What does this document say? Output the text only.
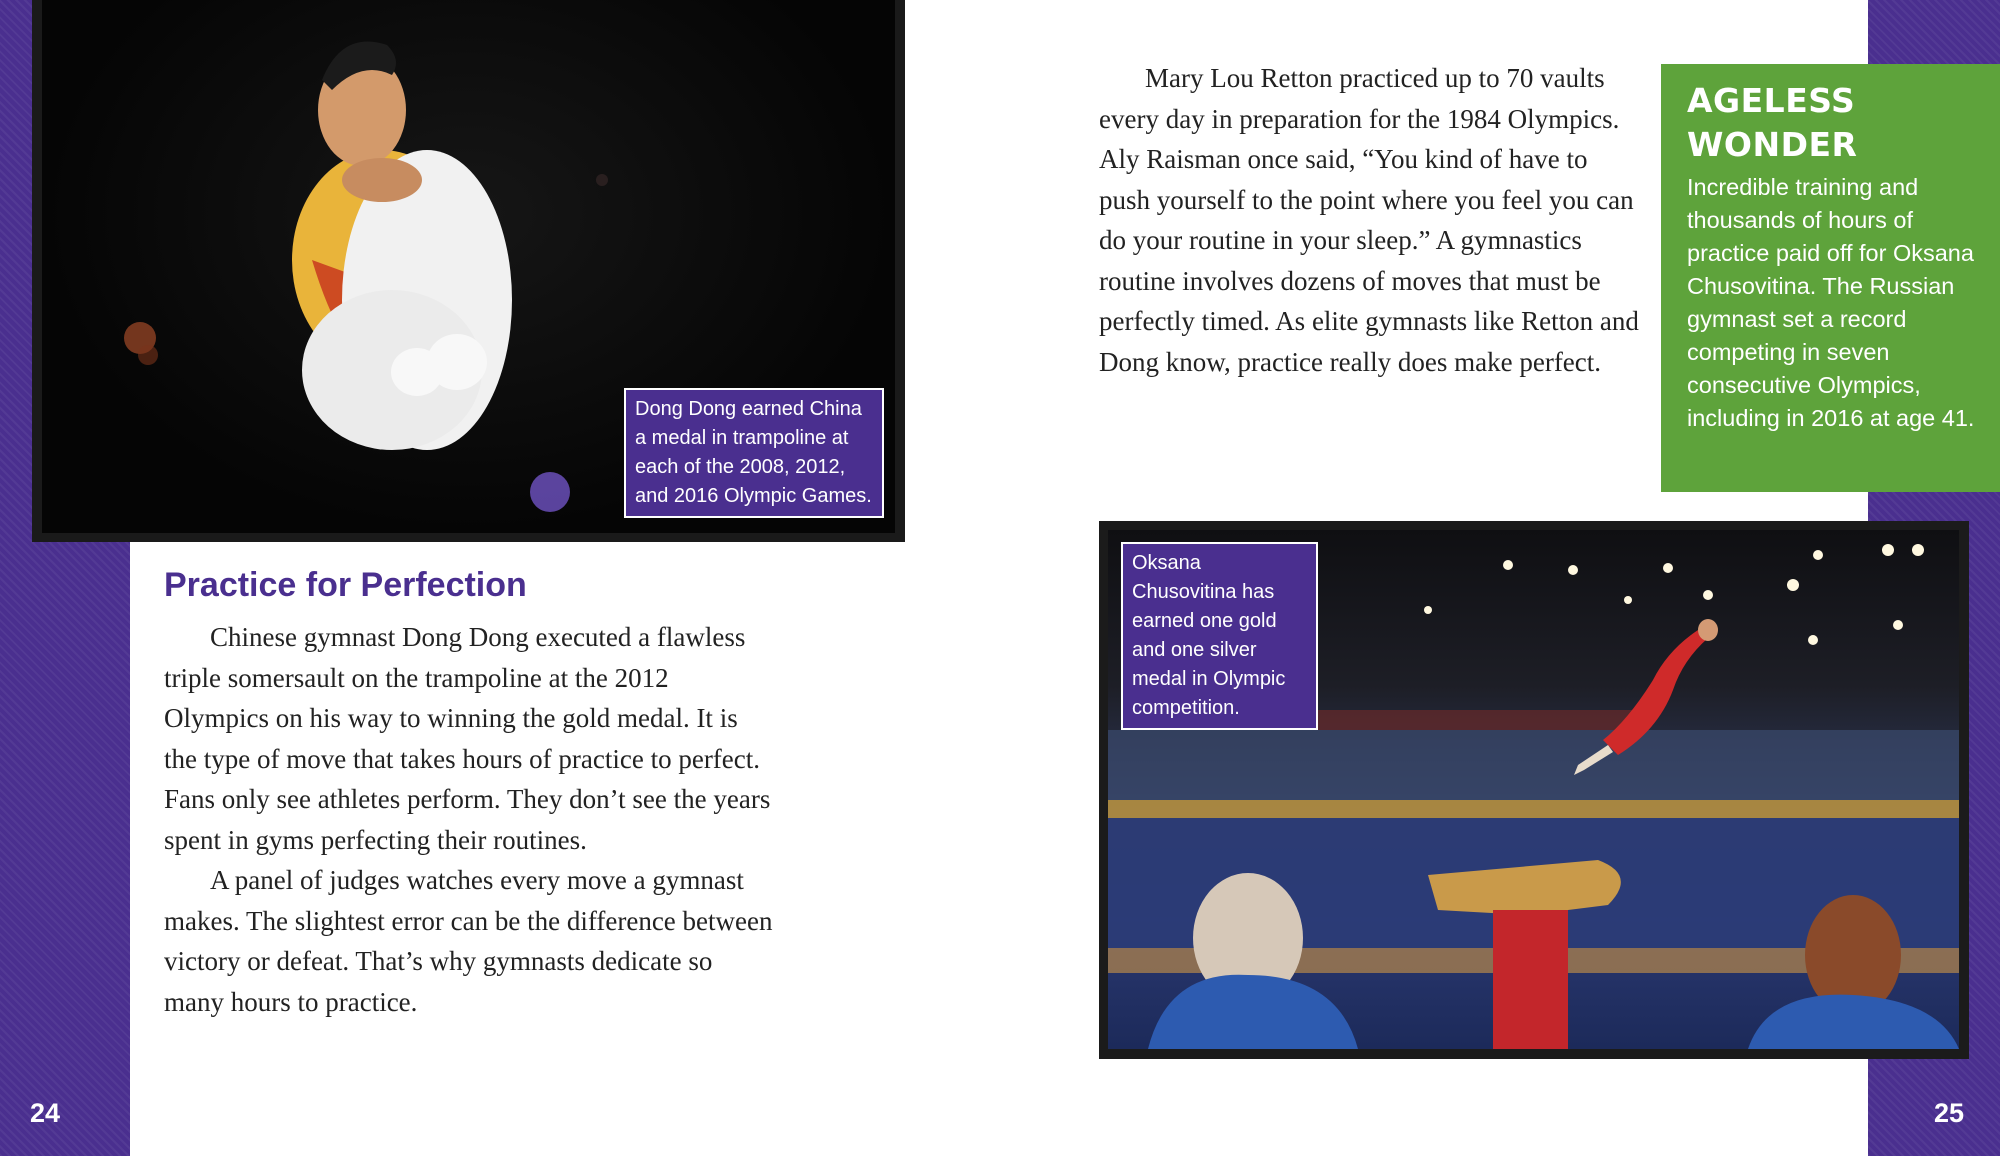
24	25
Dong Dong earned China a medal in trampoline at each of the 2008, 2012, and 2016 Olympic Games.
Practice for Perfection

Chinese gymnast Dong Dong executed a flawless triple somersault on the trampoline at the 2012 Olympics on his way to winning the gold medal. It is the type of move that takes hours of practice to perfect. Fans only see athletes perform. They don’t see the years spent in gyms perfecting their routines.

A panel of judges watches every move a gymnast makes. The slightest error can be the difference between victory or defeat. That’s why gymnasts dedicate so many hours to practice.

Mary Lou Retton practiced up to 70 vaults every day in preparation for the 1984 Olympics. Aly Raisman once said, “You kind of have to push yourself to the point where you feel you can do your routine in your sleep.” A gymnastics routine involves dozens of moves that must be perfectly timed. As elite gymnasts like Retton and Dong know, practice really does make perfect.

AGELESS WONDER

Incredible training and thousands of hours of practice paid off for Oksana Chusovitina. The Russian gymnast set a record competing in seven consecutive Olympics, including in 2016 at age 41.

Oksana Chusovitina has earned one gold and one silver medal in Olympic competition.
